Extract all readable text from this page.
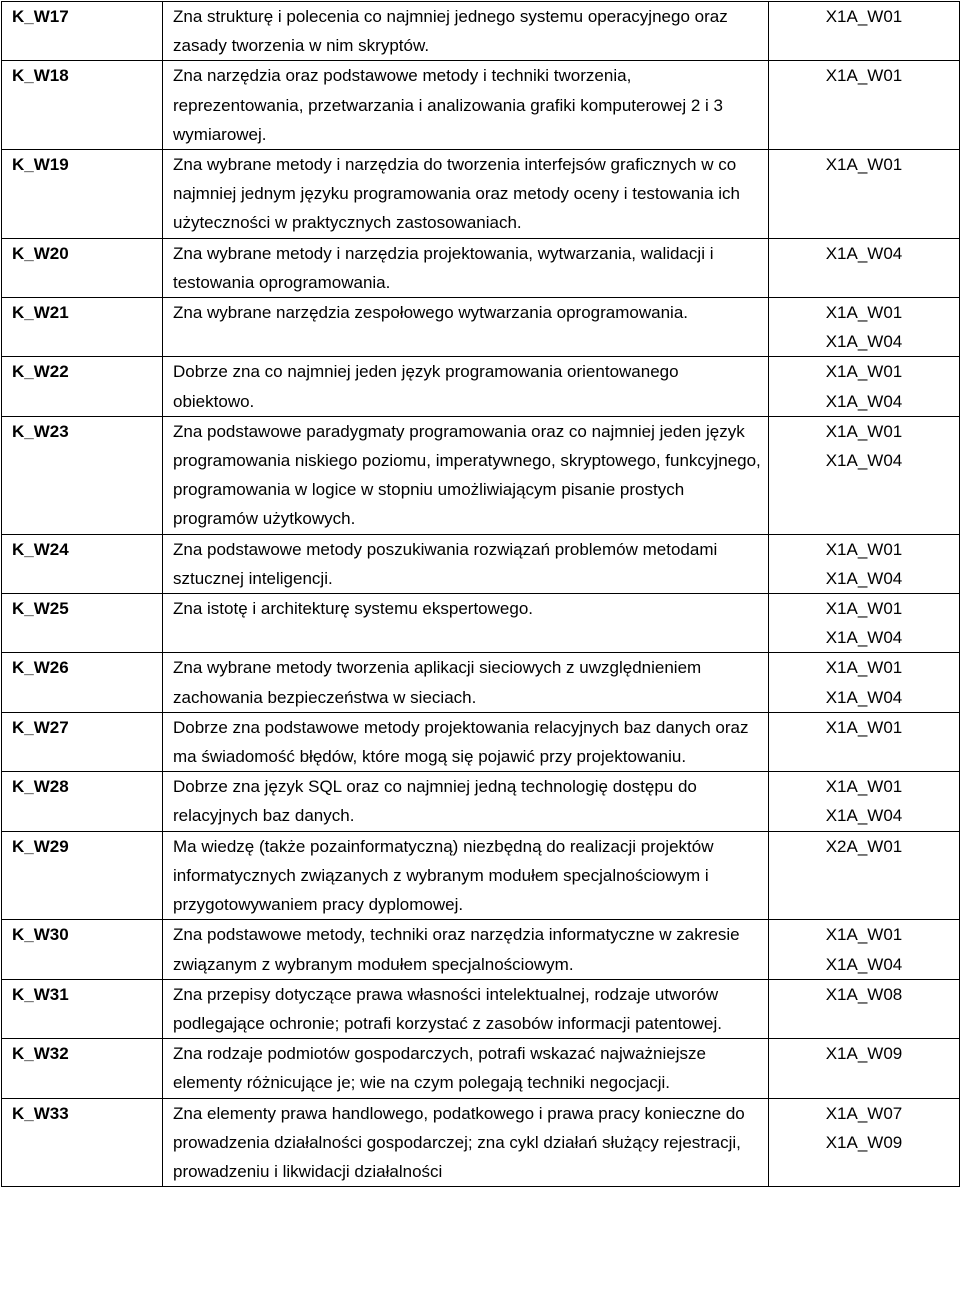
K_W17	Zna strukturę i polecenia co najmniej jednego systemu operacyjnego oraz zasady tworzenia w nim skryptów.	X1A_W01

K_W18	Zna narzędzia oraz podstawowe metody i techniki tworzenia, reprezentowania, przetwarzania i analizowania grafiki komputerowej 2 i 3 wymiarowej.	X1A_W01

K_W19	Zna wybrane metody i narzędzia do tworzenia interfejsów graficznych w co najmniej jednym języku programowania oraz metody oceny i testowania ich użyteczności w praktycznych zastosowaniach.	X1A_W01

K_W20	Zna wybrane metody i narzędzia projektowania, wytwarzania, walidacji i testowania oprogramowania.	X1A_W04

K_W21	Zna wybrane narzędzia zespołowego wytwarzania oprogramowania.	X1A_W01
X1A_W04

K_W22	Dobrze zna co najmniej jeden język programowania orientowanego obiektowo.	X1A_W01
X1A_W04

K_W23	Zna podstawowe paradygmaty programowania oraz co najmniej jeden język programowania niskiego poziomu, imperatywnego, skryptowego, funkcyjnego, programowania w logice w stopniu umożliwiającym pisanie prostych programów użytkowych.	X1A_W01
X1A_W04

K_W24	Zna podstawowe metody poszukiwania rozwiązań problemów metodami sztucznej inteligencji.	X1A_W01
X1A_W04

K_W25	Zna istotę i architekturę systemu ekspertowego.	X1A_W01
X1A_W04

K_W26	Zna wybrane metody tworzenia aplikacji sieciowych z uwzględnieniem zachowania bezpieczeństwa w sieciach.	X1A_W01
X1A_W04

K_W27	Dobrze zna podstawowe metody projektowania relacyjnych baz danych oraz ma świadomość błędów, które mogą się pojawić przy projektowaniu.	X1A_W01

K_W28	Dobrze zna język SQL oraz co najmniej jedną technologię dostępu do relacyjnych baz danych.	X1A_W01
X1A_W04

K_W29	Ma wiedzę (także pozainformatyczną) niezbędną do realizacji projektów informatycznych związanych z wybranym modułem specjalnościowym i przygotowywaniem pracy dyplomowej.	X2A_W01

K_W30	Zna podstawowe metody, techniki oraz narzędzia informatyczne w zakresie związanym z wybranym modułem specjalnościowym.	X1A_W01
X1A_W04

K_W31	Zna przepisy dotyczące prawa własności intelektualnej, rodzaje utworów podlegające ochronie; potrafi korzystać z zasobów informacji patentowej.	X1A_W08

K_W32	Zna rodzaje podmiotów gospodarczych, potrafi wskazać najważniejsze elementy różnicujące je; wie na czym polegają techniki negocjacji.	X1A_W09

K_W33	Zna elementy prawa handlowego, podatkowego i prawa pracy konieczne do prowadzenia działalności gospodarczej; zna cykl działań służący rejestracji, prowadzeniu i likwidacji działalności	X1A_W07
X1A_W09
